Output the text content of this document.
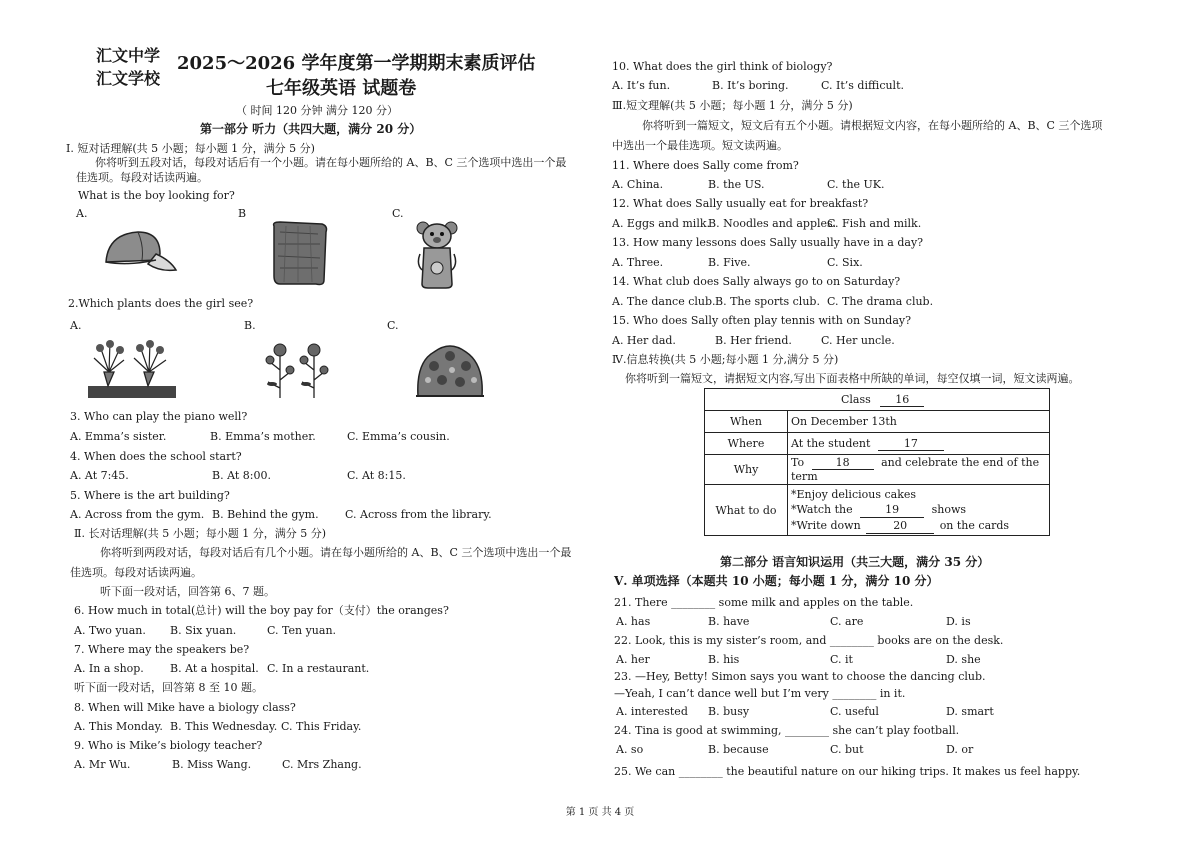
汇文中学
汇文学校
2025～2026 学年度第一学期期末素质评估
七年级英语 试题卷
（ 时间 120 分钟 满分 120 分）
第一部分 听力（共四大题，满分 20 分）
Ⅰ. 短对话理解(共 5 小题；每小题 1 分，满分 5 分)
你将听到五段对话，每段对话后有一个小题。请在每小题所给的 A、B、C 三个选项中选出一个最
佳选项。每段对话读两遍。
What is the boy looking for?
A.	B	C.
2.Which plants does the girl see?
A.	B.	C.
3. Who can play the piano well?
A. Emma’s sister.	B. Emma’s mother.	C. Emma’s cousin.
4. When does the school start?
A. At 7:45.	B. At 8:00.	C. At 8:15.
5. Where is the art building?
A. Across from the gym. B. Behind the gym. C. Across from the library.
Ⅱ. 长对话理解(共 5 小题；每小题 1 分，满分 5 分)
你将听到两段对话，每段对话后有几个小题。请在每小题所给的 A、B、C 三个选项中选出一个最
佳选项。每段对话读两遍。
听下面一段对话，回答第 6、7 题。
6. How much in total(总计) will the boy pay for（支付）the oranges?
A. Two yuan. B. Six yuan.	C. Ten yuan.
7. Where may the speakers be?
A. In a shop. B. At a hospital. C. In a restaurant.
听下面一段对话，回答第 8 至 10 题。
8. When will Mike have a biology class?
A. This Monday. B. This Wednesday. C. This Friday.
9. Who is Mike’s biology teacher?
A. Mr Wu.	B. Miss Wang.	C. Mrs Zhang.
10. What does the girl think of biology?
A. It’s fun.	B. It’s boring.	C. It’s difficult.
Ⅲ.短文理解(共 5 小题；每小题 1 分，满分 5 分)
你将听到一篇短文，短文后有五个小题。请根据短文内容，在每小题所给的 A、B、C 三个选项
中选出一个最佳选项。短文读两遍。
11. Where does Sally come from?
A. China.	B. the US.	C. the UK.
12. What does Sally usually eat for breakfast?
A. Eggs and milk.
B. Noodles and apples.
C. Fish and milk.
13. How many lessons does Sally usually have in a day?
A. Three.	B. Five.	C. Six.
14. What club does Sally always go to on Saturday?
A. The dance club. B. The sports club. C. The drama club.
15. Who does Sally often play tennis with on Sunday?
A. Her dad.	B. Her friend.	C. Her uncle.
Ⅳ.信息转换(共 5 小题;每小题 1 分,满分 5 分)
你将听到一篇短文，请据短文内容,写出下面表格中所缺的单词，每空仅填一词，短文读两遍。
Class 16	
When	On December 13th
Where	At the student 17
Why	To 18 and celebrate the end of the term
What to do	*Enjoy delicious cakes
*Watch the 19 shows
*Write down 20 on the cards
第二部分 语言知识运用（共三大题，满分 35 分）
Ⅴ. 单项选择（本题共 10 小题；每小题 1 分，满分 10 分）
21. There ________ some milk and apples on the table.
A. has	B. have	C. are	D. is
22. Look, this is my sister’s room, and ________ books are on the desk.
A. her	B. his	C. it	D. she
23. —Hey, Betty! Simon says you want to choose the dancing club.
—Yeah, I can’t dance well but I’m very ________ in it.
A. interested B. busy	C. useful	D. smart
24. Tina is good at swimming, ________ she can’t play football.
A. so	B. because	C. but	D. or
25. We can ________ the beautiful nature on our hiking trips. It makes us feel happy.
第 1 页 共 4 页
